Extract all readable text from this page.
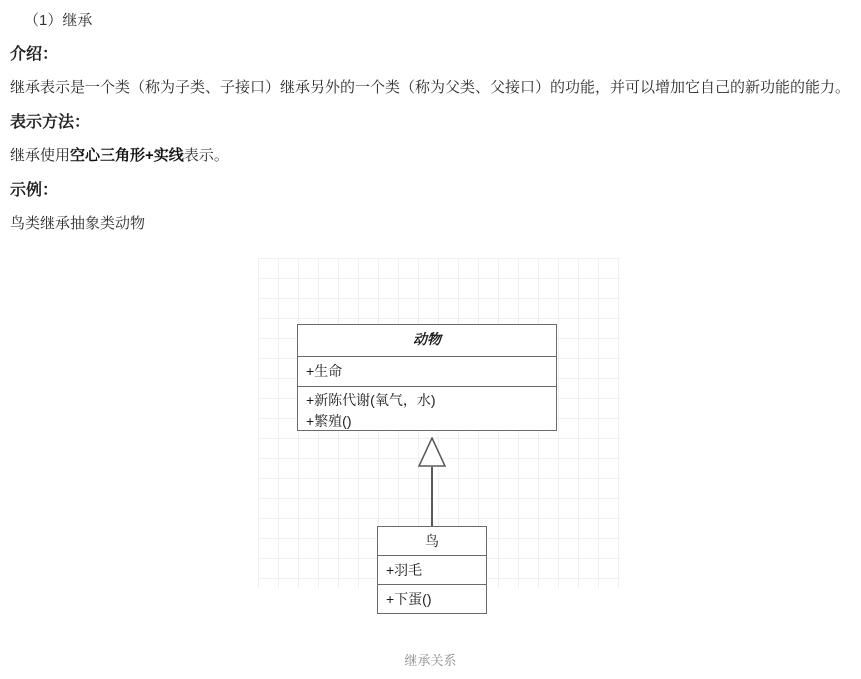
（1）继承
介绍：

继承表示是一个类（称为子类、子接口）继承另外的一个类（称为父类、父接口）的功能，并可以增加它自己的新功能的能力。

表示方法：

继承使用空心三角形+实线表示。

示例：

鸟类继承抽象类动物

动物
+生命
+新陈代谢(氧气，水)
+繁殖()
鸟
+羽毛
+下蛋()
继承关系
